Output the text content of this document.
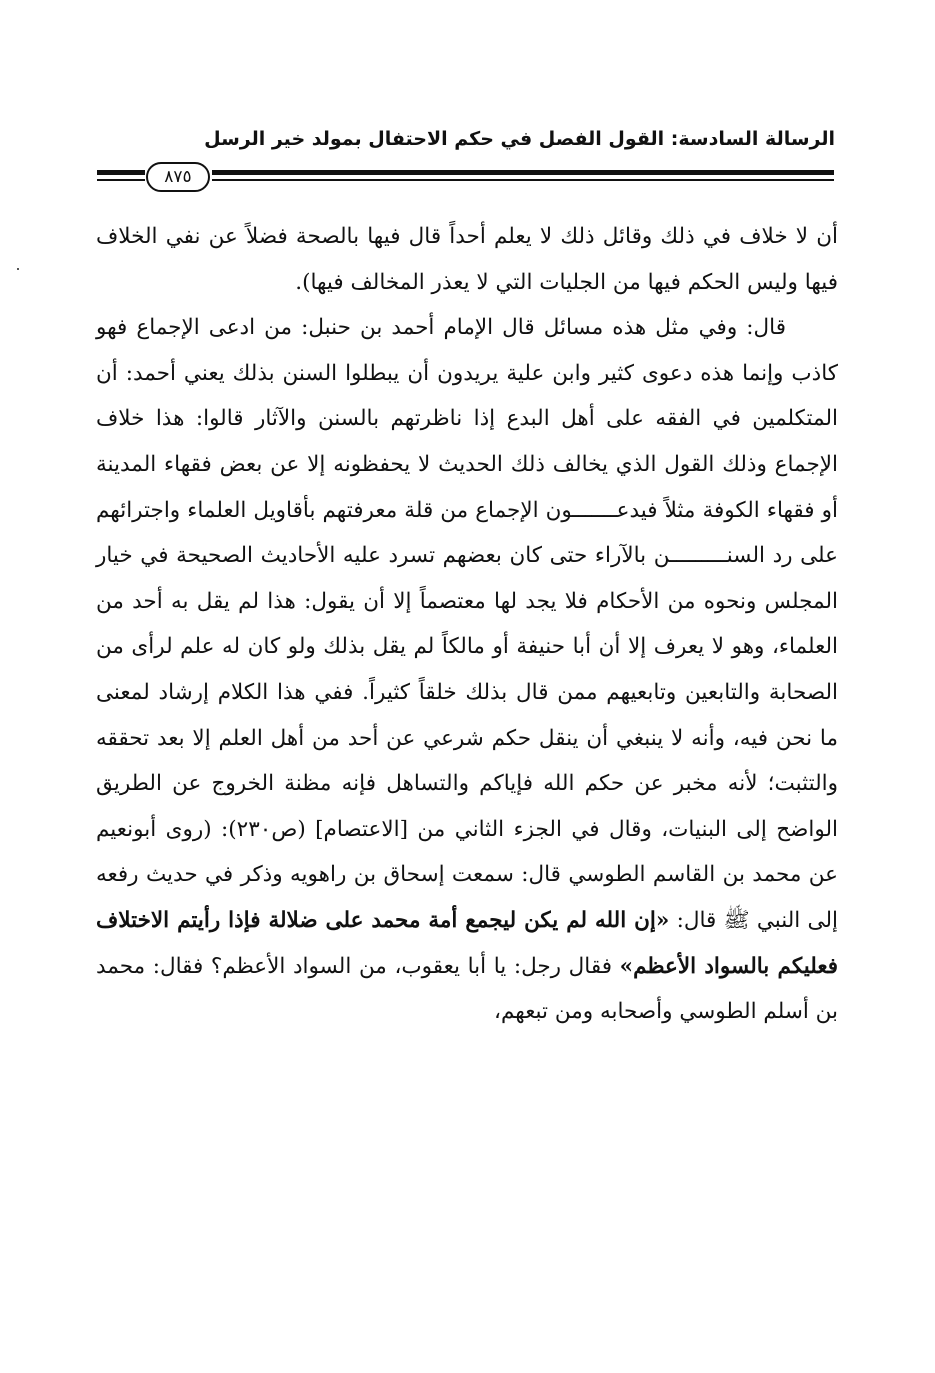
الرسالة السادسة: القول الفصل في حكم الاحتفال بمولد خير الرسل
٨٧٥

أن لا خلاف في ذلك وقائل ذلك لا يعلم أحداً قال فيها بالصحة فضلاً عن نفي الخلاف فيها وليس الحكم فيها من الجليات التي لا يعذر المخالف فيها).

قال: وفي مثل هذه مسائل قال الإمام أحمد بن حنبل: من ادعى الإجماع فهو كاذب وإنما هذه دعوى كثير وابن علية يريدون أن يبطلوا السنن بذلك يعني أحمد: أن المتكلمين في الفقه على أهل البدع إذا ناظرتهم بالسنن والآثار قالوا: هذا خلاف الإجماع وذلك القول الذي يخالف ذلك الحديث لا يحفظونه إلا عن بعض فقهاء المدينة أو فقهاء الكوفة مثلاً فيدعـــــــون الإجماع من قلة معرفتهم بأقاويل العلماء واجترائهم على رد السنـــــــــن بالآراء حتى كان بعضهم تسرد عليه الأحاديث الصحيحة في خيار المجلس ونحوه من الأحكام فلا يجد لها معتصماً إلا أن يقول: هذا لم يقل به أحد من العلماء، وهو لا يعرف إلا أن أبا حنيفة أو مالكاً لم يقل بذلك ولو كان له علم لرأى من الصحابة والتابعين وتابعيهم ممن قال بذلك خلقاً كثيراً. ففي هذا الكلام إرشاد لمعنى ما نحن فيه، وأنه لا ينبغي أن ينقل حكم شرعي عن أحد من أهل العلم إلا بعد تحققه والتثبت؛ لأنه مخبر عن حكم الله فإياكم والتساهل فإنه مظنة الخروج عن الطريق الواضح إلى البنيات، وقال في الجزء الثاني من [الاعتصام] (ص٢٣٠): (روى أبونعيم عن محمد بن القاسم الطوسي قال: سمعت إسحاق بن راهويه وذكر في حديث رفعه إلى النبي ﷺ قال: «إن الله لم يكن ليجمع أمة محمد على ضلالة فإذا رأيتم الاختلاف فعليكم بالسواد الأعظم» فقال رجل: يا أبا يعقوب، من السواد الأعظم؟ فقال: محمد بن أسلم الطوسي وأصحابه ومن تبعهم،
